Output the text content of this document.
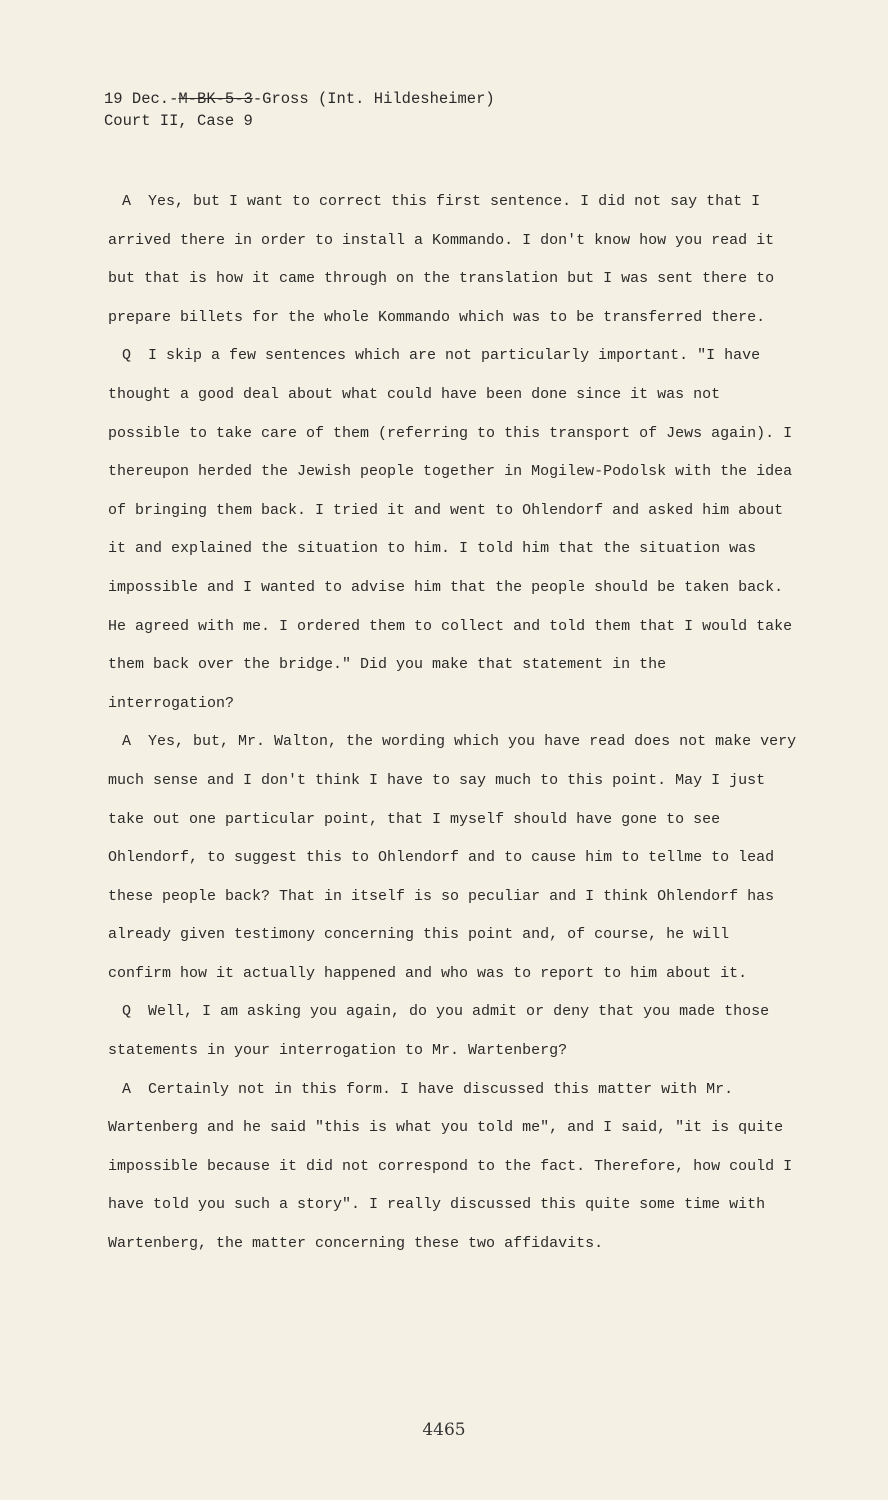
19 Dec.-M-BK-5-3-Gross (Int. Hildesheimer)
Court II, Case 9

A Yes, but I want to correct this first sentence. I did not say that I arrived there in order to install a Kommando. I don't know how you read it but that is how it came through on the translation but I was sent there to prepare billets for the whole Kommando which was to be transferred there.

Q I skip a few sentences which are not particularly important. "I have thought a good deal about what could have been done since it was not possible to take care of them (referring to this transport of Jews again). I thereupon herded the Jewish people together in Mogilew-Podolsk with the idea of bringing them back. I tried it and went to Ohlendorf and asked him about it and explained the situation to him. I told him that the situation was impossible and I wanted to advise him that the people should be taken back. He agreed with me. I ordered them to collect and told them that I would take them back over the bridge." Did you make that statement in the interrogation?

A Yes, but, Mr. Walton, the wording which you have read does not make very much sense and I don't think I have to say much to this point. May I just take out one particular point, that I myself should have gone to see Ohlendorf, to suggest this to Ohlendorf and to cause him to tellme to lead these people back? That in itself is so peculiar and I think Ohlendorf has already given testimony concerning this point and, of course, he will confirm how it actually happened and who was to report to him about it.

Q Well, I am asking you again, do you admit or deny that you made those statements in your interrogation to Mr. Wartenberg?

A Certainly not in this form. I have discussed this matter with Mr. Wartenberg and he said "this is what you told me", and I said, "it is quite impossible because it did not correspond to the fact. Therefore, how could I have told you such a story". I really discussed this quite some time with Wartenberg, the matter concerning these two affidavits.

4465
